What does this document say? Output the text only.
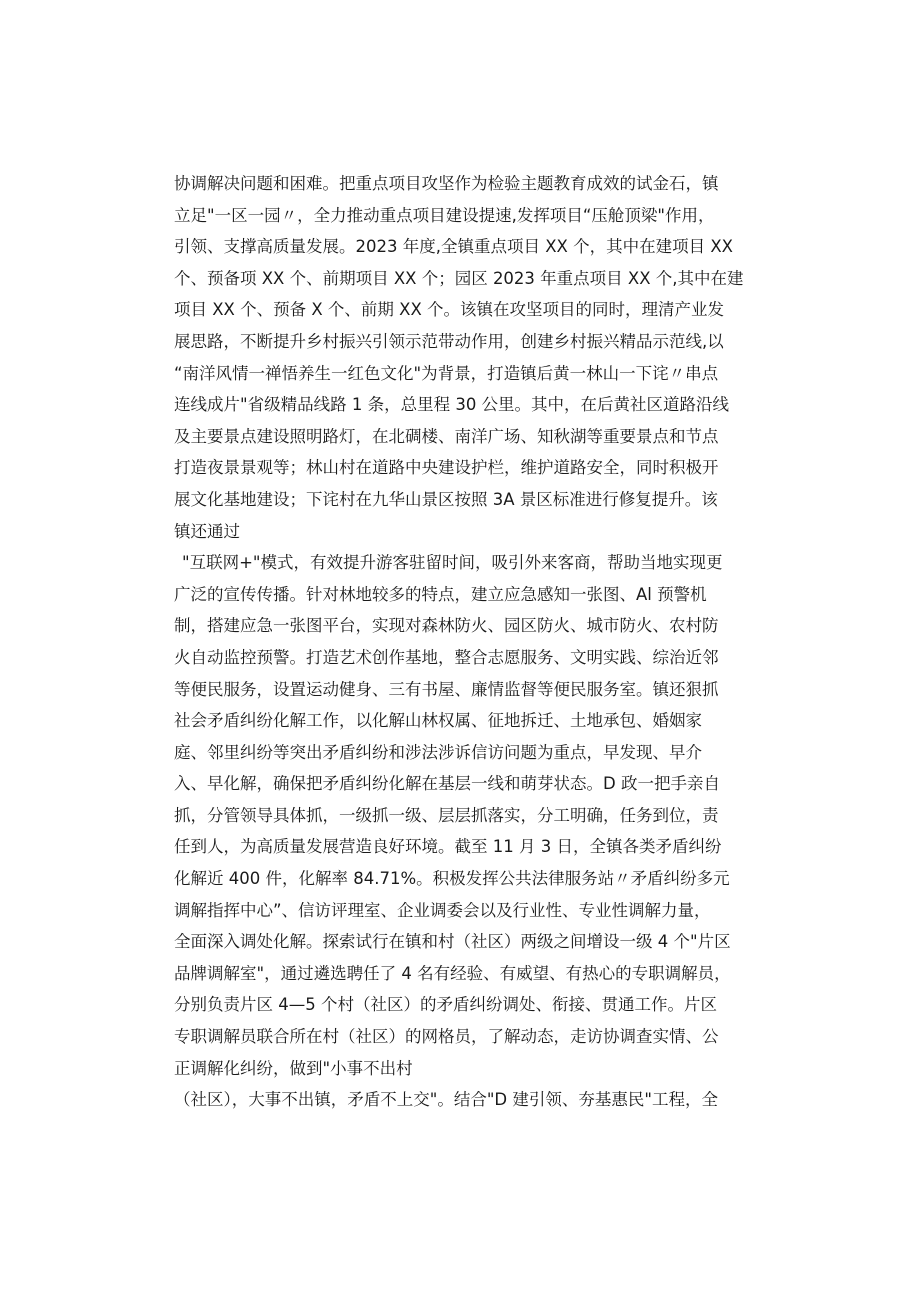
协调解决问题和困难。把重点项目攻坚作为检验主题教育成效的试金石，镇
立足"一区一园〃，全力推动重点项目建设提速,发挥项目“压舱顶梁"作用，
引领、支撑高质量发展。2023 年度,全镇重点项目 XX 个，其中在建项目 XX
个、预备项 XX 个、前期项目 XX 个；园区 2023 年重点项目 XX 个,其中在建
项目 XX 个、预备 X 个、前期 XX 个。该镇在攻坚项目的同时，理清产业发
展思路，不断提升乡村振兴引领示范带动作用，创建乡村振兴精品示范线,以
“南洋风情一禅悟养生一红色文化"为背景，打造镇后黄一林山一下诧〃串点
连线成片"省级精品线路 1 条，总里程 30 公里。其中，在后黄社区道路沿线
及主要景点建设照明路灯，在北碉楼、南洋广场、知秋湖等重要景点和节点
打造夜景景观等；林山村在道路中央建设护栏，维护道路安全，同时积极开
展文化基地建设；下诧村在九华山景区按照 3A 景区标准进行修复提升。该
镇还通过
"互联网+"模式，有效提升游客驻留时间，吸引外来客商，帮助当地实现更
广泛的宣传传播。针对林地较多的特点，建立应急感知一张图、Al 预警机
制，搭建应急一张图平台，实现对森林防火、园区防火、城市防火、农村防
火自动监控预警。打造艺术创作基地，整合志愿服务、文明实践、综治近邻
等便民服务，设置运动健身、三有书屋、廉情监督等便民服务室。镇还狠抓
社会矛盾纠纷化解工作，以化解山林权属、征地拆迁、土地承包、婚姻家
庭、邻里纠纷等突出矛盾纠纷和涉法涉诉信访问题为重点，早发现、早介
入、早化解，确保把矛盾纠纷化解在基层一线和萌芽状态。D 政一把手亲自
抓，分管领导具体抓，一级抓一级、层层抓落实，分工明确，任务到位，责
任到人，为高质量发展营造良好环境。截至 11 月 3 日，全镇各类矛盾纠纷
化解近 400 件，化解率 84.71%。积极发挥公共法律服务站〃矛盾纠纷多元
调解指挥中心”、信访评理室、企业调委会以及行业性、专业性调解力量，
全面深入调处化解。探索试行在镇和村（社区）两级之间增设一级 4 个"片区
品牌调解室"，通过遴选聘任了 4 名有经验、有威望、有热心的专职调解员，
分别负责片区 4—5 个村（社区）的矛盾纠纷调处、衔接、贯通工作。片区
专职调解员联合所在村（社区）的网格员，了解动态，走访协调查实情、公
正调解化纠纷，做到"小事不出村
（社区），大事不出镇，矛盾不上交"。结合"D 建引领、夯基惠民"工程，全
